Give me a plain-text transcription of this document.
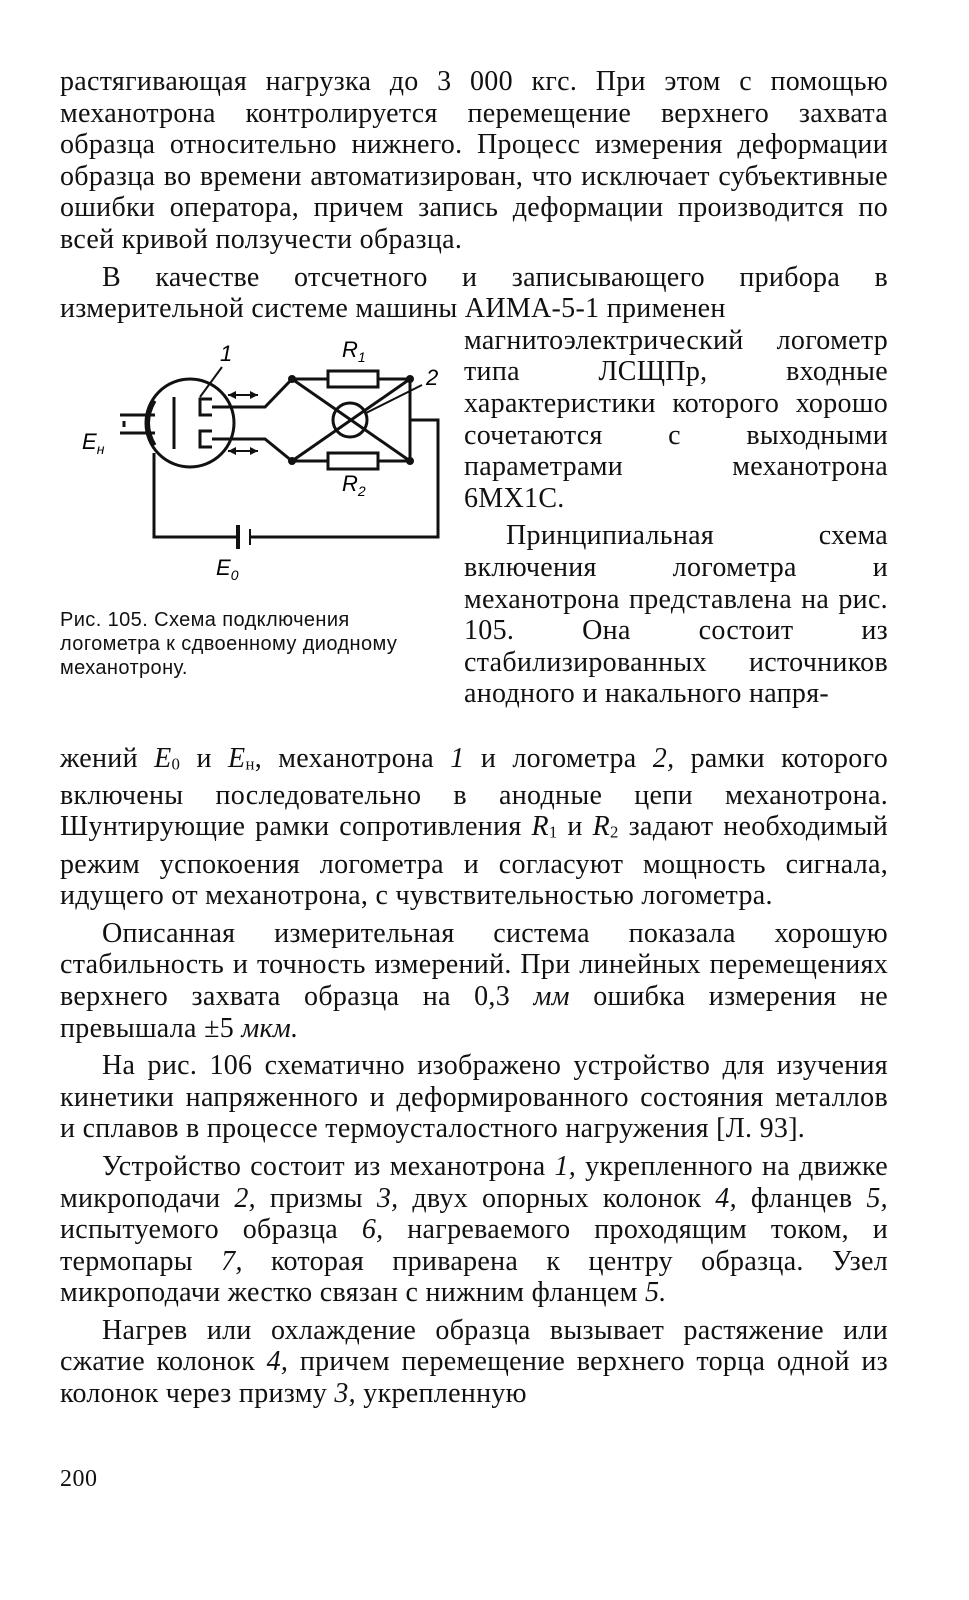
растягивающая нагрузка до 3 000 кгс. При этом с помощью механотрона контролируется перемещение верхнего захвата образца относительно нижнего. Процесс измерения деформации образца во времени автоматизирован, что исключает субъективные ошибки оператора, причем запись деформации производится по всей кривой ползучести образца.

В качестве отсчетного и записывающего прибора в измерительной системе машины АИМА-5-1 применен

1
2
$R_1$
$R_2$
$E_н$
$E_0$

Рис. 105. Схема подключения логометра к сдвоенному диодному механотрону.

магнитоэлектрический логометр типа ЛСЩПр, входные характеристики которого хорошо сочетаются с выходными параметрами механотрона 6МХ1С.

Принципиальная схема включения логометра и механотрона представлена на рис. 105. Она состоит из стабилизированных источников анодного и накального напря-

жений $E_0$ и $E_н$, механотрона 1 и логометра 2, рамки которого включены последовательно в анодные цепи механотрона. Шунтирующие рамки сопротивления $R_1$ и $R_2$ задают необходимый режим успокоения логометра и согласуют мощность сигнала, идущего от механотрона, с чувствительностью логометра.

Описанная измерительная система показала хорошую стабильность и точность измерений. При линейных перемещениях верхнего захвата образца на 0,3 мм ошибка измерения не превышала ±5 мкм.

На рис. 106 схематично изображено устройство для изучения кинетики напряженного и деформированного состояния металлов и сплавов в процессе термоусталостного нагружения [Л. 93].

Устройство состоит из механотрона 1, укрепленного на движке микроподачи 2, призмы 3, двух опорных колонок 4, фланцев 5, испытуемого образца 6, нагреваемого проходящим током, и термопары 7, которая приварена к центру образца. Узел микроподачи жестко связан с нижним фланцем 5.

Нагрев или охлаждение образца вызывает растяжение или сжатие колонок 4, причем перемещение верхнего торца одной из колонок через призму 3, укрепленную

200
